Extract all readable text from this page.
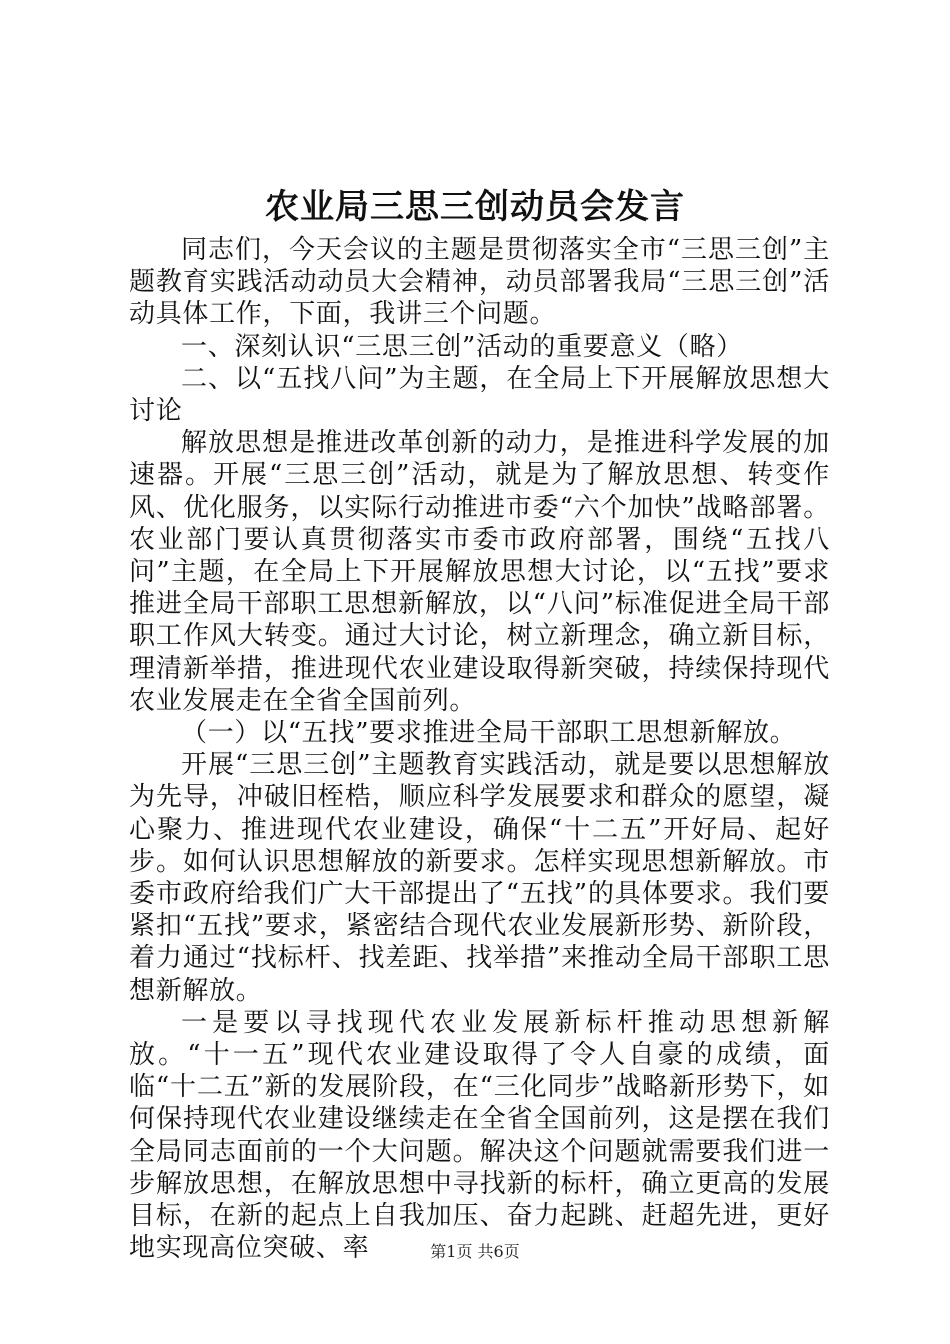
农业局三思三创动员会发言

同志们，今天会议的主题是贯彻落实全市“三思三创”主题教育实践活动动员大会精神，动员部署我局“三思三创”活动具体工作，下面，我讲三个问题。

一、深刻认识“三思三创”活动的重要意义（略）

二、以“五找八问”为主题，在全局上下开展解放思想大讨论

解放思想是推进改革创新的动力，是推进科学发展的加速器。开展“三思三创”活动，就是为了解放思想、转变作风、优化服务，以实际行动推进市委“六个加快”战略部署。农业部门要认真贯彻落实市委市政府部署，围绕“五找八问”主题，在全局上下开展解放思想大讨论，以“五找”要求推进全局干部职工思想新解放，以“八问”标准促进全局干部职工作风大转变。通过大讨论，树立新理念，确立新目标，理清新举措，推进现代农业建设取得新突破，持续保持现代农业发展走在全省全国前列。

（一）以“五找”要求推进全局干部职工思想新解放。

开展“三思三创”主题教育实践活动，就是要以思想解放为先导，冲破旧桎梏，顺应科学发展要求和群众的愿望，凝心聚力、推进现代农业建设，确保“十二五”开好局、起好步。如何认识思想解放的新要求。怎样实现思想新解放。市委市政府给我们广大干部提出了“五找”的具体要求。我们要紧扣“五找”要求，紧密结合现代农业发展新形势、新阶段，着力通过“找标杆、找差距、找举措”来推动全局干部职工思想新解放。

一是要以寻找现代农业发展新标杆推动思想新解放。“十一五”现代农业建设取得了令人自豪的成绩，面临“十二五”新的发展阶段，在“三化同步”战略新形势下，如何保持现代农业建设继续走在全省全国前列，这是摆在我们全局同志面前的一个大问题。解决这个问题就需要我们进一步解放思想，在解放思想中寻找新的标杆，确立更高的发展目标，在新的起点上自我加压、奋力起跳、赶超先进，更好地实现高位突破、率	第1页 共6页
